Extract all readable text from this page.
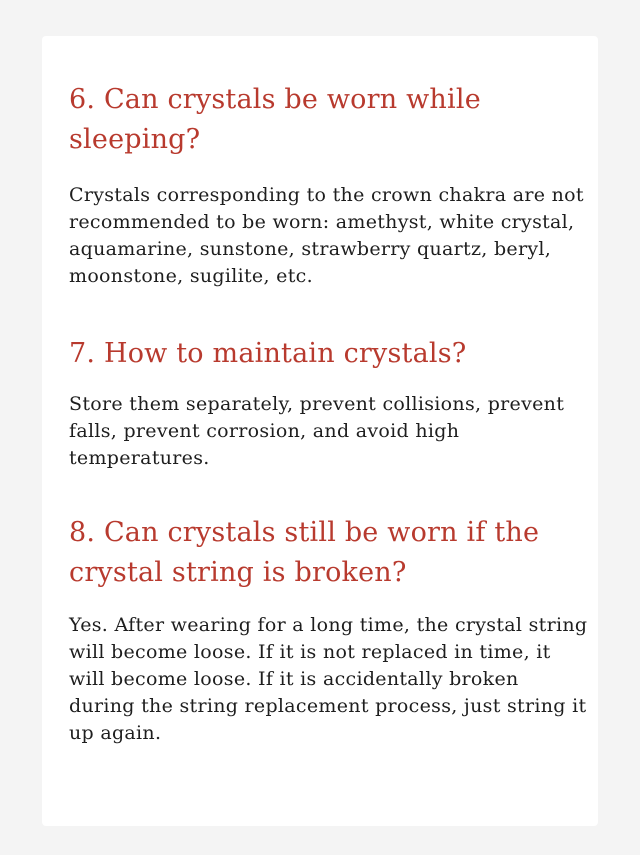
6. Can crystals be worn while sleeping?

Crystals corresponding to the crown chakra are not recommended to be worn: amethyst, white crystal, aquamarine, sunstone, strawberry quartz, beryl, moonstone, sugilite, etc.

7. How to maintain crystals?

Store them separately, prevent collisions, prevent falls, prevent corrosion, and avoid high temperatures.

8. Can crystals still be worn if the crystal string is broken?

Yes. After wearing for a long time, the crystal string will become loose. If it is not replaced in time, it will become loose. If it is accidentally broken during the string replacement process, just string it up again.
